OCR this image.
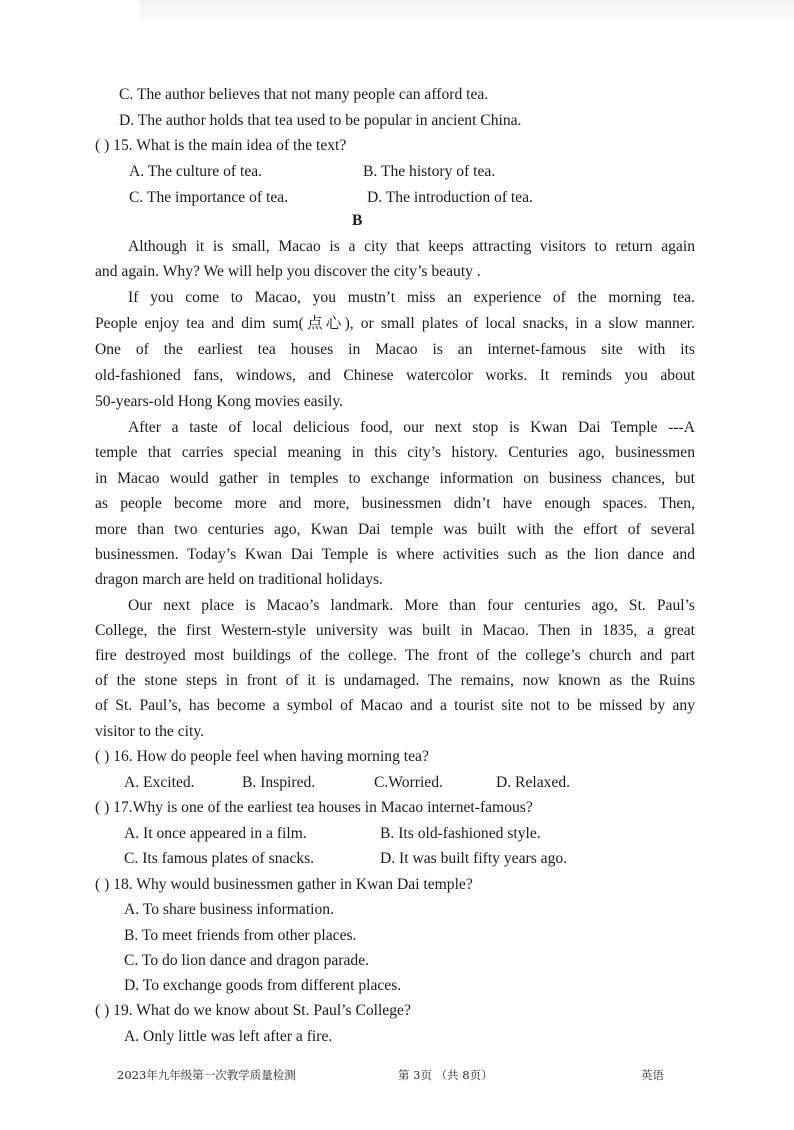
C. The author believes that not many people can afford tea.
D. The author holds that tea used to be popular in ancient China.
( ) 15. What is the main idea of the text?
A. The culture of tea.	B. The history of tea.
C. The importance of tea.	D. The introduction of tea.
B
Although it is small, Macao is a city that keeps attracting visitors to return again
and again. Why? We will help you discover the city’s beauty .
If you come to Macao, you mustn’t miss an experience of the morning tea.
People enjoy tea and dim sum(点心), or small plates of local snacks, in a slow manner.
One of the earliest tea houses in Macao is an internet-famous site with its
old-fashioned fans, windows, and Chinese watercolor works. It reminds you about
50-years-old Hong Kong movies easily.
After a taste of local delicious food, our next stop is Kwan Dai Temple ---A
temple that carries special meaning in this city’s history. Centuries ago, businessmen
in Macao would gather in temples to exchange information on business chances, but
as people become more and more, businessmen didn’t have enough spaces. Then,
more than two centuries ago, Kwan Dai temple was built with the effort of several
businessmen. Today’s Kwan Dai Temple is where activities such as the lion dance and
dragon march are held on traditional holidays.
Our next place is Macao’s landmark. More than four centuries ago, St. Paul’s
College, the first Western-style university was built in Macao. Then in 1835, a great
fire destroyed most buildings of the college. The front of the college’s church and part
of the stone steps in front of it is undamaged. The remains, now known as the Ruins
of St. Paul’s, has become a symbol of Macao and a tourist site not to be missed by any
visitor to the city.
( ) 16. How do people feel when having morning tea?
A. Excited.	B. Inspired.	C.Worried.	D. Relaxed.
( ) 17.Why is one of the earliest tea houses in Macao internet-famous?
A. It once appeared in a film.	B. Its old-fashioned style.
C. Its famous plates of snacks.	D. It was built fifty years ago.
( ) 18. Why would businessmen gather in Kwan Dai temple?
A. To share business information.
B. To meet friends from other places.
C. To do lion dance and dragon parade.
D. To exchange goods from different places.
( ) 19. What do we know about St. Paul’s College?
A. Only little was left after a fire.
2023年九年级第一次教学质量检测	第 3页 （共 8页）	英语
